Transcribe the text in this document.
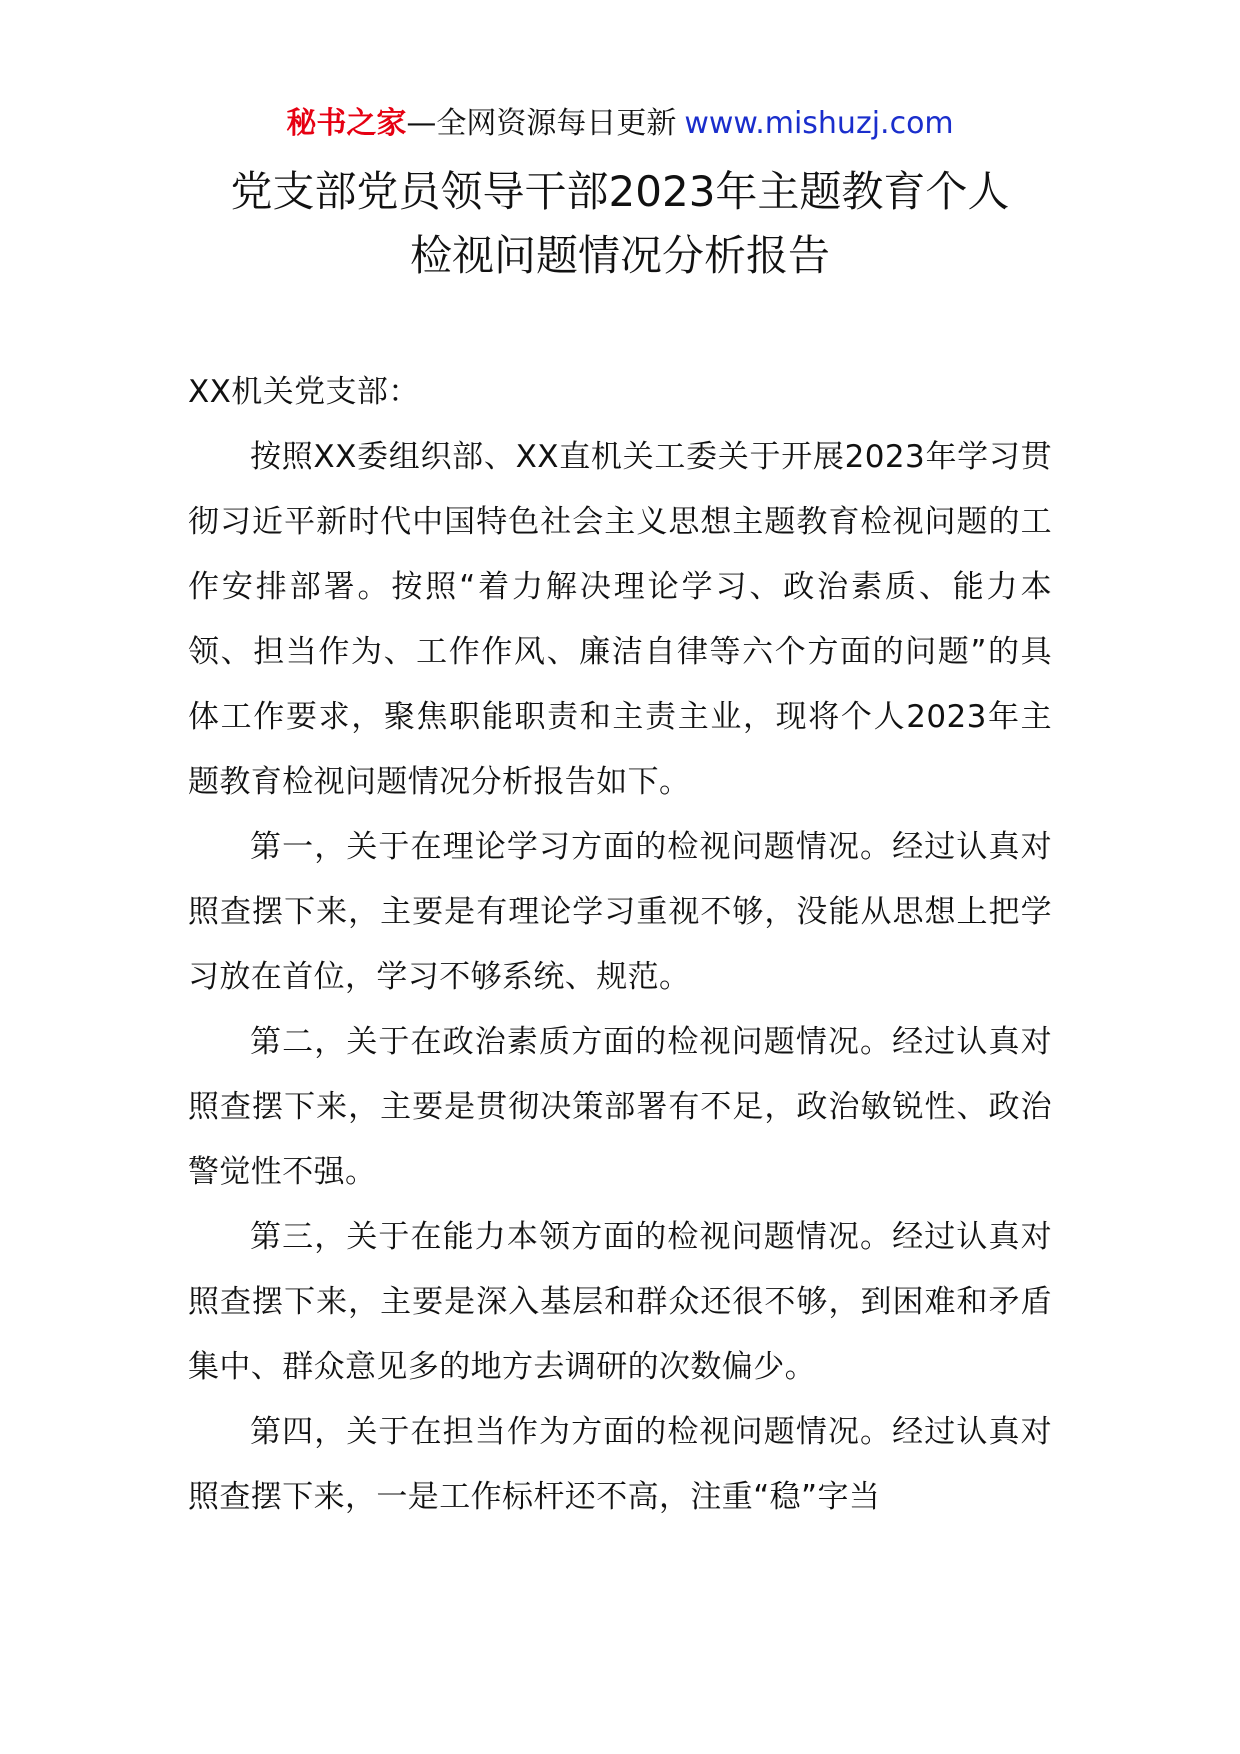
秘书之家—全网资源每日更新 www.mishuzj.com
党支部党员领导干部2023年主题教育个人
检视问题情况分析报告

XX机关党支部：

按照XX委组织部、XX直机关工委关于开展2023年学习贯彻习近平新时代中国特色社会主义思想主题教育检视问题的工作安排部署。按照“着力解决理论学习、政治素质、能力本领、担当作为、工作作风、廉洁自律等六个方面的问题”的具体工作要求，聚焦职能职责和主责主业，现将个人2023年主题教育检视问题情况分析报告如下。

第一，关于在理论学习方面的检视问题情况。经过认真对照查摆下来，主要是有理论学习重视不够，没能从思想上把学习放在首位，学习不够系统、规范。

第二，关于在政治素质方面的检视问题情况。经过认真对照查摆下来，主要是贯彻决策部署有不足，政治敏锐性、政治警觉性不强。

第三，关于在能力本领方面的检视问题情况。经过认真对照查摆下来，主要是深入基层和群众还很不够，到困难和矛盾集中、群众意见多的地方去调研的次数偏少。

第四，关于在担当作为方面的检视问题情况。经过认真对照查摆下来，一是工作标杆还不高，注重“稳”字当
